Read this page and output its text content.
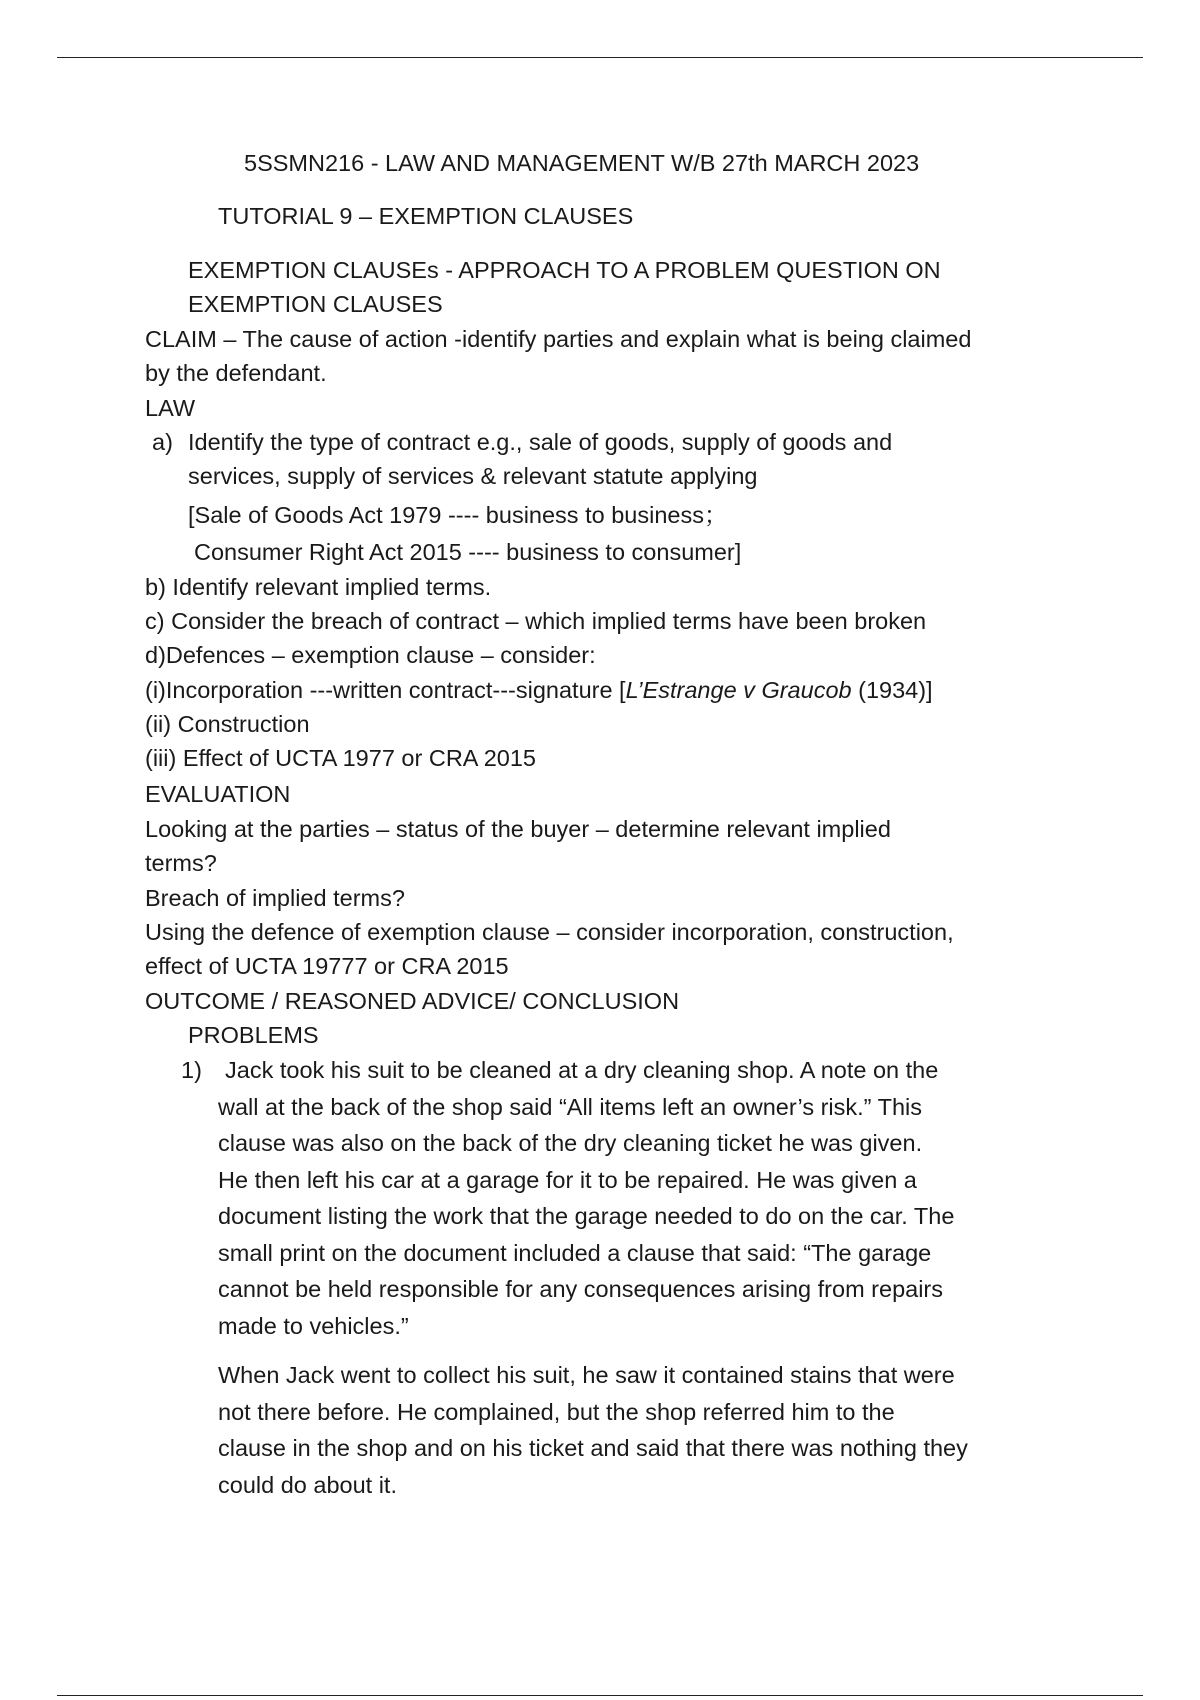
5SSMN216 - LAW AND MANAGEMENT W/B 27th MARCH 2023
TUTORIAL 9 – EXEMPTION CLAUSES
EXEMPTION CLAUSEs - APPROACH TO A PROBLEM QUESTION ON
EXEMPTION CLAUSES
CLAIM – The cause of action -identify parties and explain what is being claimed
by the defendant.
LAW
a) Identify the type of contract e.g., sale of goods, supply of goods and
services, supply of services & relevant statute applying
[Sale of Goods Act 1979 ---- business to business；
Consumer Right Act 2015 ---- business to consumer]
b) Identify relevant implied terms.
c) Consider the breach of contract – which implied terms have been broken
d)Defences – exemption clause – consider:
(i)Incorporation ---written contract---signature [L’Estrange v Graucob (1934)]
(ii) Construction
(iii) Effect of UCTA 1977 or CRA 2015
EVALUATION
Looking at the parties – status of the buyer – determine relevant implied
terms?
Breach of implied terms?
Using the defence of exemption clause – consider incorporation, construction,
effect of UCTA 19777 or CRA 2015
OUTCOME / REASONED ADVICE/ CONCLUSION
PROBLEMS
1) Jack took his suit to be cleaned at a dry cleaning shop. A note on the
wall at the back of the shop said “All items left an owner’s risk.” This
clause was also on the back of the dry cleaning ticket he was given.
He then left his car at a garage for it to be repaired. He was given a
document listing the work that the garage needed to do on the car. The
small print on the document included a clause that said: “The garage
cannot be held responsible for any consequences arising from repairs
made to vehicles.”
When Jack went to collect his suit, he saw it contained stains that were
not there before. He complained, but the shop referred him to the
clause in the shop and on his ticket and said that there was nothing they
could do about it.
